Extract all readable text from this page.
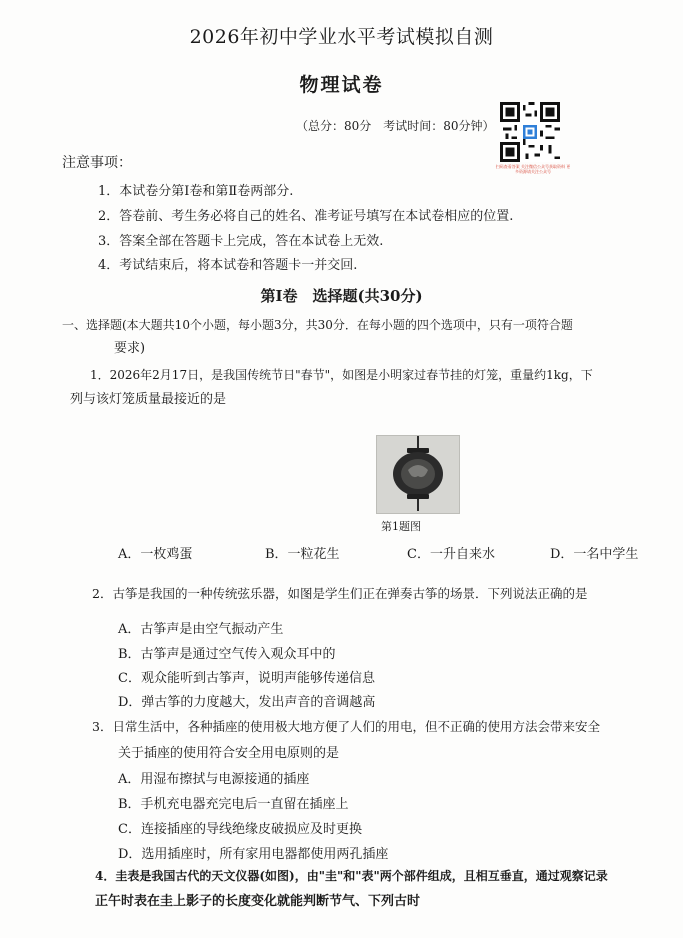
2026年初中学业水平考试模拟自测
物理试卷
（总分：80分　考试时间：80分钟）
扫码查看答案 关注微信公众号获取资料 更多资源请关注公众号
注意事项：
1．本试卷分第Ⅰ卷和第Ⅱ卷两部分.
2．答卷前、考生务必将自己的姓名、准考证号填写在本试卷相应的位置.
3．答案全部在答题卡上完成，答在本试卷上无效.
4．考试结束后，将本试卷和答题卡一并交回.
第Ⅰ卷　选择题(共30分)
一、选择题(本大题共10个小题，每小题3分，共30分．在每小题的四个选项中，只有一项符合题
要求)
1．2026年2月17日，是我国传统节日"春节"，如图是小明家过春节挂的灯笼，重量约1kg，下
列与该灯笼质量最接近的是
第1题图
A．一枚鸡蛋	B．一粒花生	C．一升自来水	D．一名中学生
2．古筝是我国的一种传统弦乐器，如图是学生们正在弹奏古筝的场景．下列说法正确的是
A．古筝声是由空气振动产生
B．古筝声是通过空气传入观众耳中的
C．观众能听到古筝声，说明声能够传递信息
D．弹古筝的力度越大，发出声音的音调越高
3．日常生活中，各种插座的使用极大地方便了人们的用电，但不正确的使用方法会带来安全
关于插座的使用符合安全用电原则的是
A．用湿布擦拭与电源接通的插座
B．手机充电器充完电后一直留在插座上
C．连接插座的导线绝缘皮破损应及时更换
D．选用插座时，所有家用电器都使用两孔插座
4．圭表是我国古代的天文仪器(如图)，由"圭"和"表"两个部件组成，且相互垂直，通过观察记录
正午时表在圭上影子的长度变化就能判断节气、下列古时
